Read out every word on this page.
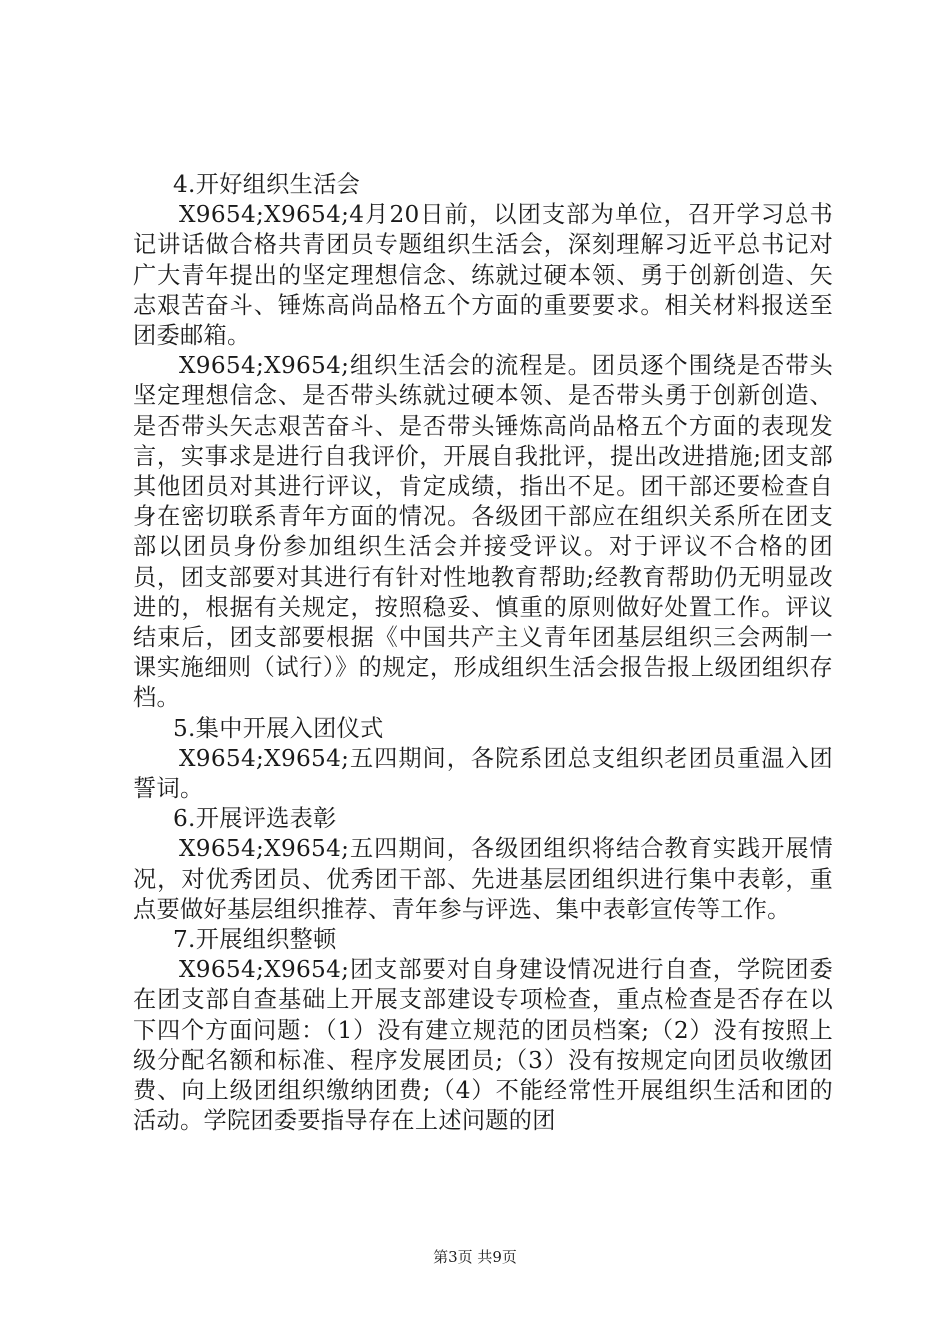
4.开好组织生活会

X9654;X9654;4月20日前，以团支部为单位，召开学习总书记讲话做合格共青团员专题组织生活会，深刻理解习近平总书记对广大青年提出的坚定理想信念、练就过硬本领、勇于创新创造、矢志艰苦奋斗、锤炼高尚品格五个方面的重要要求。相关材料报送至团委邮箱。

X9654;X9654;组织生活会的流程是。团员逐个围绕是否带头坚定理想信念、是否带头练就过硬本领、是否带头勇于创新创造、是否带头矢志艰苦奋斗、是否带头锤炼高尚品格五个方面的表现发言，实事求是进行自我评价，开展自我批评，提出改进措施;团支部其他团员对其进行评议，肯定成绩，指出不足。团干部还要检查自身在密切联系青年方面的情况。各级团干部应在组织关系所在团支部以团员身份参加组织生活会并接受评议。对于评议不合格的团员，团支部要对其进行有针对性地教育帮助;经教育帮助仍无明显改进的，根据有关规定，按照稳妥、慎重的原则做好处置工作。评议结束后，团支部要根据《中国共产主义青年团基层组织三会两制一课实施细则（试行）》的规定，形成组织生活会报告报上级团组织存档。

5.集中开展入团仪式

X9654;X9654;五四期间，各院系团总支组织老团员重温入团誓词。

6.开展评选表彰

X9654;X9654;五四期间，各级团组织将结合教育实践开展情况，对优秀团员、优秀团干部、先进基层团组织进行集中表彰，重点要做好基层组织推荐、青年参与评选、集中表彰宣传等工作。

7.开展组织整顿

X9654;X9654;团支部要对自身建设情况进行自查，学院团委在团支部自查基础上开展支部建设专项检查，重点检查是否存在以下四个方面问题：（1）没有建立规范的团员档案;（2）没有按照上级分配名额和标准、程序发展团员;（3）没有按规定向团员收缴团费、向上级团组织缴纳团费;（4）不能经常性开展组织生活和团的活动。学院团委要指导存在上述问题的团

第3页 共9页
